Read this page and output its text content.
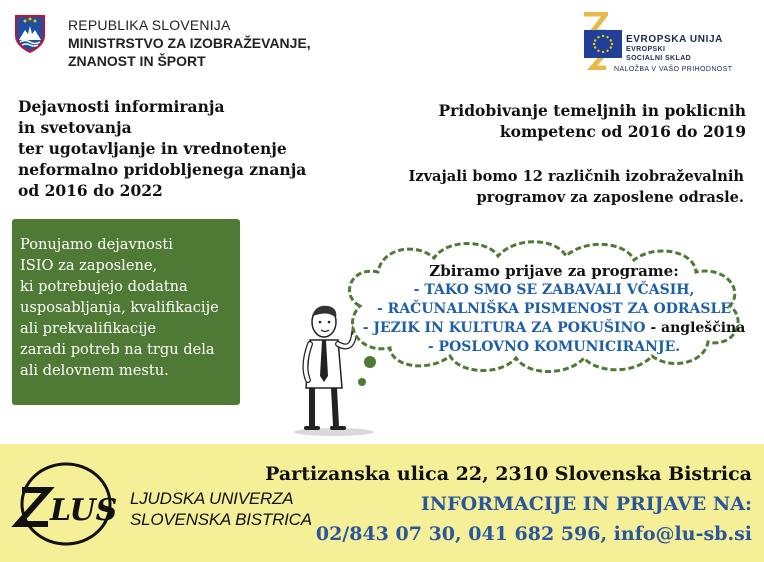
REPUBLIKA SLOVENIJA
MINISTRSTVO ZA IZOBRAŽEVANJE,
ZNANOST IN ŠPORT
EVROPSKA UNIJA
EVROPSKI
SOCIALNI SKLAD
NALOŽBA V VAŠO PRIHODNOST
Dejavnosti informiranja
in svetovanja
ter ugotavljanje in vrednotenje
neformalno pridobljenega znanja
od 2016 do 2022
Ponujamo dejavnosti
ISIO za zaposlene,
ki potrebujejo dodatna
usposabljanja, kvalifikacije
ali prekvalifikacije
zaradi potreb na trgu dela
ali delovnem mestu.
Pridobivanje temeljnih in poklicnih
kompetenc od 2016 do 2019
Izvajali bomo 12 različnih izobraževalnih
programov za zaposlene odrasle.
Zbiramo prijave za programe:
- TAKO SMO SE ZABAVALI VČASIH,
- RAČUNALNIŠKA PISMENOST ZA ODRASLE
- JEZIK IN KULTURA ZA POKUŠINO - angleščina
- POSLOVNO KOMUNICIRANJE.
LUS LJUDSKA UNIVERZA
SLOVENSKA BISTRICA
Partizanska ulica 22, 2310 Slovenska Bistrica
INFORMACIJE IN PRIJAVE NA:
02/843 07 30, 041 682 596, info@lu-sb.si
